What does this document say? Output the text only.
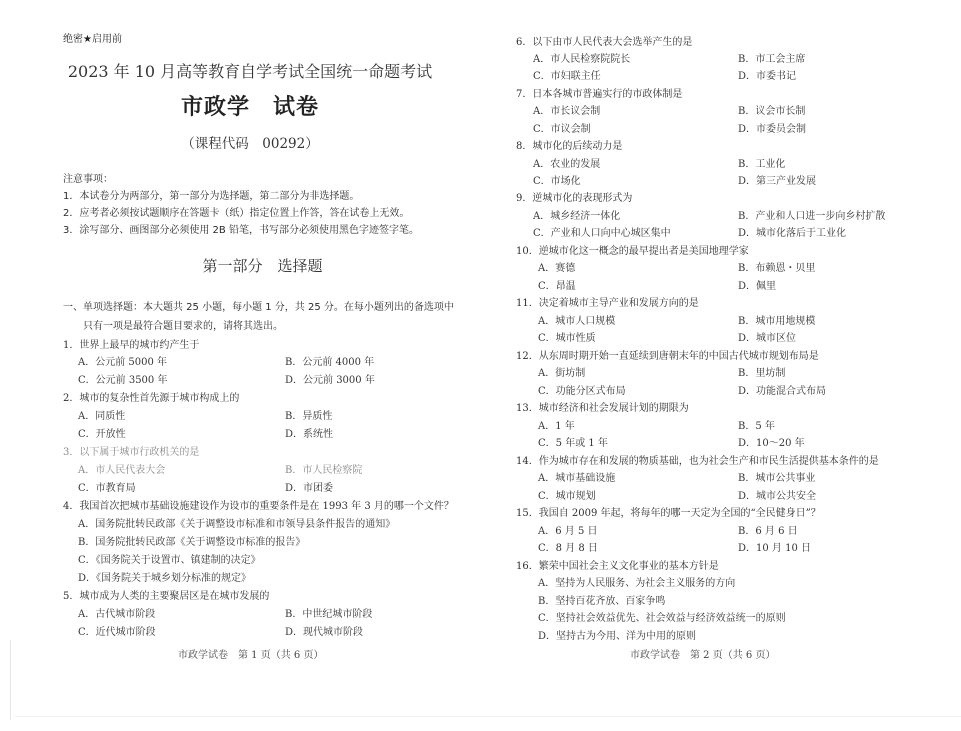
绝密★启用前
2023 年 10 月高等教育自学考试全国统一命题考试
市政学　试卷
（课程代码　00292）
注意事项：
1．本试卷分为两部分，第一部分为选择题，第二部分为非选择题。
2．应考者必须按试题顺序在答题卡（纸）指定位置上作答，答在试卷上无效。
3．涂写部分、画图部分必须使用 2B 铅笔，书写部分必须使用黑色字迹签字笔。
第一部分　选择题
一、单项选择题：本大题共 25 小题，每小题 1 分，共 25 分。在每小题列出的备选项中
只有一项是最符合题目要求的，请将其选出。
1．世界上最早的城市约产生于
A．公元前 5000 年	B．公元前 4000 年
C．公元前 3500 年	D．公元前 3000 年
2．城市的复杂性首先源于城市构成上的
A．同质性	B．异质性
C．开放性	D．系统性
3．以下属于城市行政机关的是
A．市人民代表大会	B．市人民检察院
C．市教育局	D．市团委
4．我国首次把城市基础设施建设作为设市的重要条件是在 1993 年 3 月的哪一个文件？
A．国务院批转民政部《关于调整设市标准和市领导县条件报告的通知》
B．国务院批转民政部《关于调整设市标准的报告》
C．《国务院关于设置市、镇建制的决定》
D．《国务院关于城乡划分标准的规定》
5．城市成为人类的主要聚居区是在城市发展的
A．古代城市阶段	B．中世纪城市阶段
C．近代城市阶段	D．现代城市阶段
市政学试卷　第 1 页（共 6 页）
6．以下由市人民代表大会选举产生的是
A．市人民检察院院长	B．市工会主席
C．市妇联主任	D．市委书记
7．日本各城市普遍实行的市政体制是
A．市长议会制	B．议会市长制
C．市议会制	D．市委员会制
8．城市化的后续动力是
A．农业的发展	B．工业化
C．市场化	D．第三产业发展
9．逆城市化的表现形式为
A．城乡经济一体化	B．产业和人口进一步向乡村扩散
C．产业和人口向中心城区集中	D．城市化落后于工业化
10．逆城市化这一概念的最早提出者是美国地理学家
A．赛德	B．布赖恩・贝里
C．昂温	D．佩里
11．决定着城市主导产业和发展方向的是
A．城市人口规模	B．城市用地规模
C．城市性质	D．城市区位
12．从东周时期开始一直延续到唐朝末年的中国古代城市规划布局是
A．街坊制	B．里坊制
C．功能分区式布局	D．功能混合式布局
13．城市经济和社会发展计划的期限为
A．1 年	B．5 年
C．5 年或 1 年	D．10～20 年
14．作为城市存在和发展的物质基础，也为社会生产和市民生活提供基本条件的是
A．城市基础设施	B．城市公共事业
C．城市规划	D．城市公共安全
15．我国自 2009 年起，将每年的哪一天定为全国的“全民健身日”？
A．6 月 5 日	B．6 月 6 日
C．8 月 8 日	D．10 月 10 日
16．繁荣中国社会主义文化事业的基本方针是
A．坚持为人民服务、为社会主义服务的方向
B．坚持百花齐放、百家争鸣
C．坚持社会效益优先、社会效益与经济效益统一的原则
D．坚持古为今用、洋为中用的原则
市政学试卷　第 2 页（共 6 页）
